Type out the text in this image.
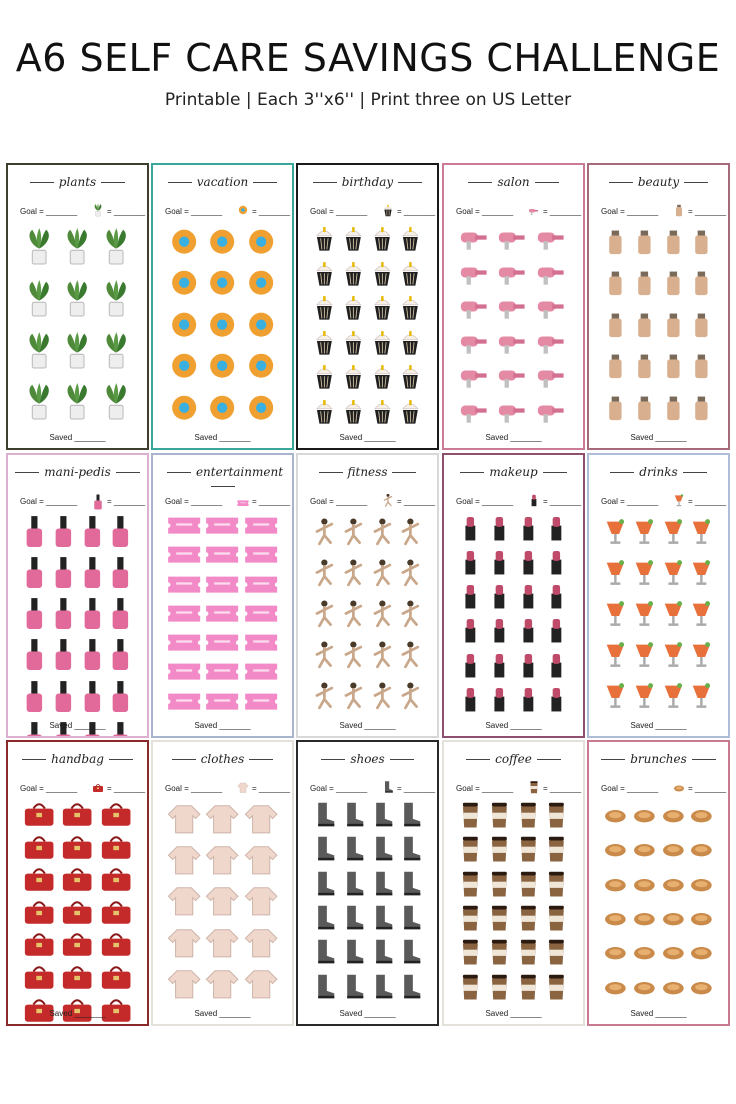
A6 SELF CARE SAVINGS CHALLENGE
Printable | Each 3''x6'' | Print three on US Letter
plants
Goal = _______	= _______
Saved _______
vacation
Goal = _______	= _______
Saved _______
birthday
Goal = _______	= _______
Saved _______
salon
Goal = _______	= _______
Saved _______
beauty
Goal = _______	= _______
Saved _______
mani-pedis
Goal = _______	= _______
Saved _______
entertainment
Goal = _______	= _______
Saved _______
fitness
Goal = _______	= _______
Saved _______
makeup
Goal = _______	= _______
Saved _______
drinks
Goal = _______	= _______
Saved _______
handbag
Goal = _______	= _______
Saved _______
clothes
Goal = _______	= _______
Saved _______
shoes
Goal = _______	= _______
Saved _______
coffee
Goal = _______	= _______
Saved _______
brunches
Goal = _______	= _______
Saved _______
